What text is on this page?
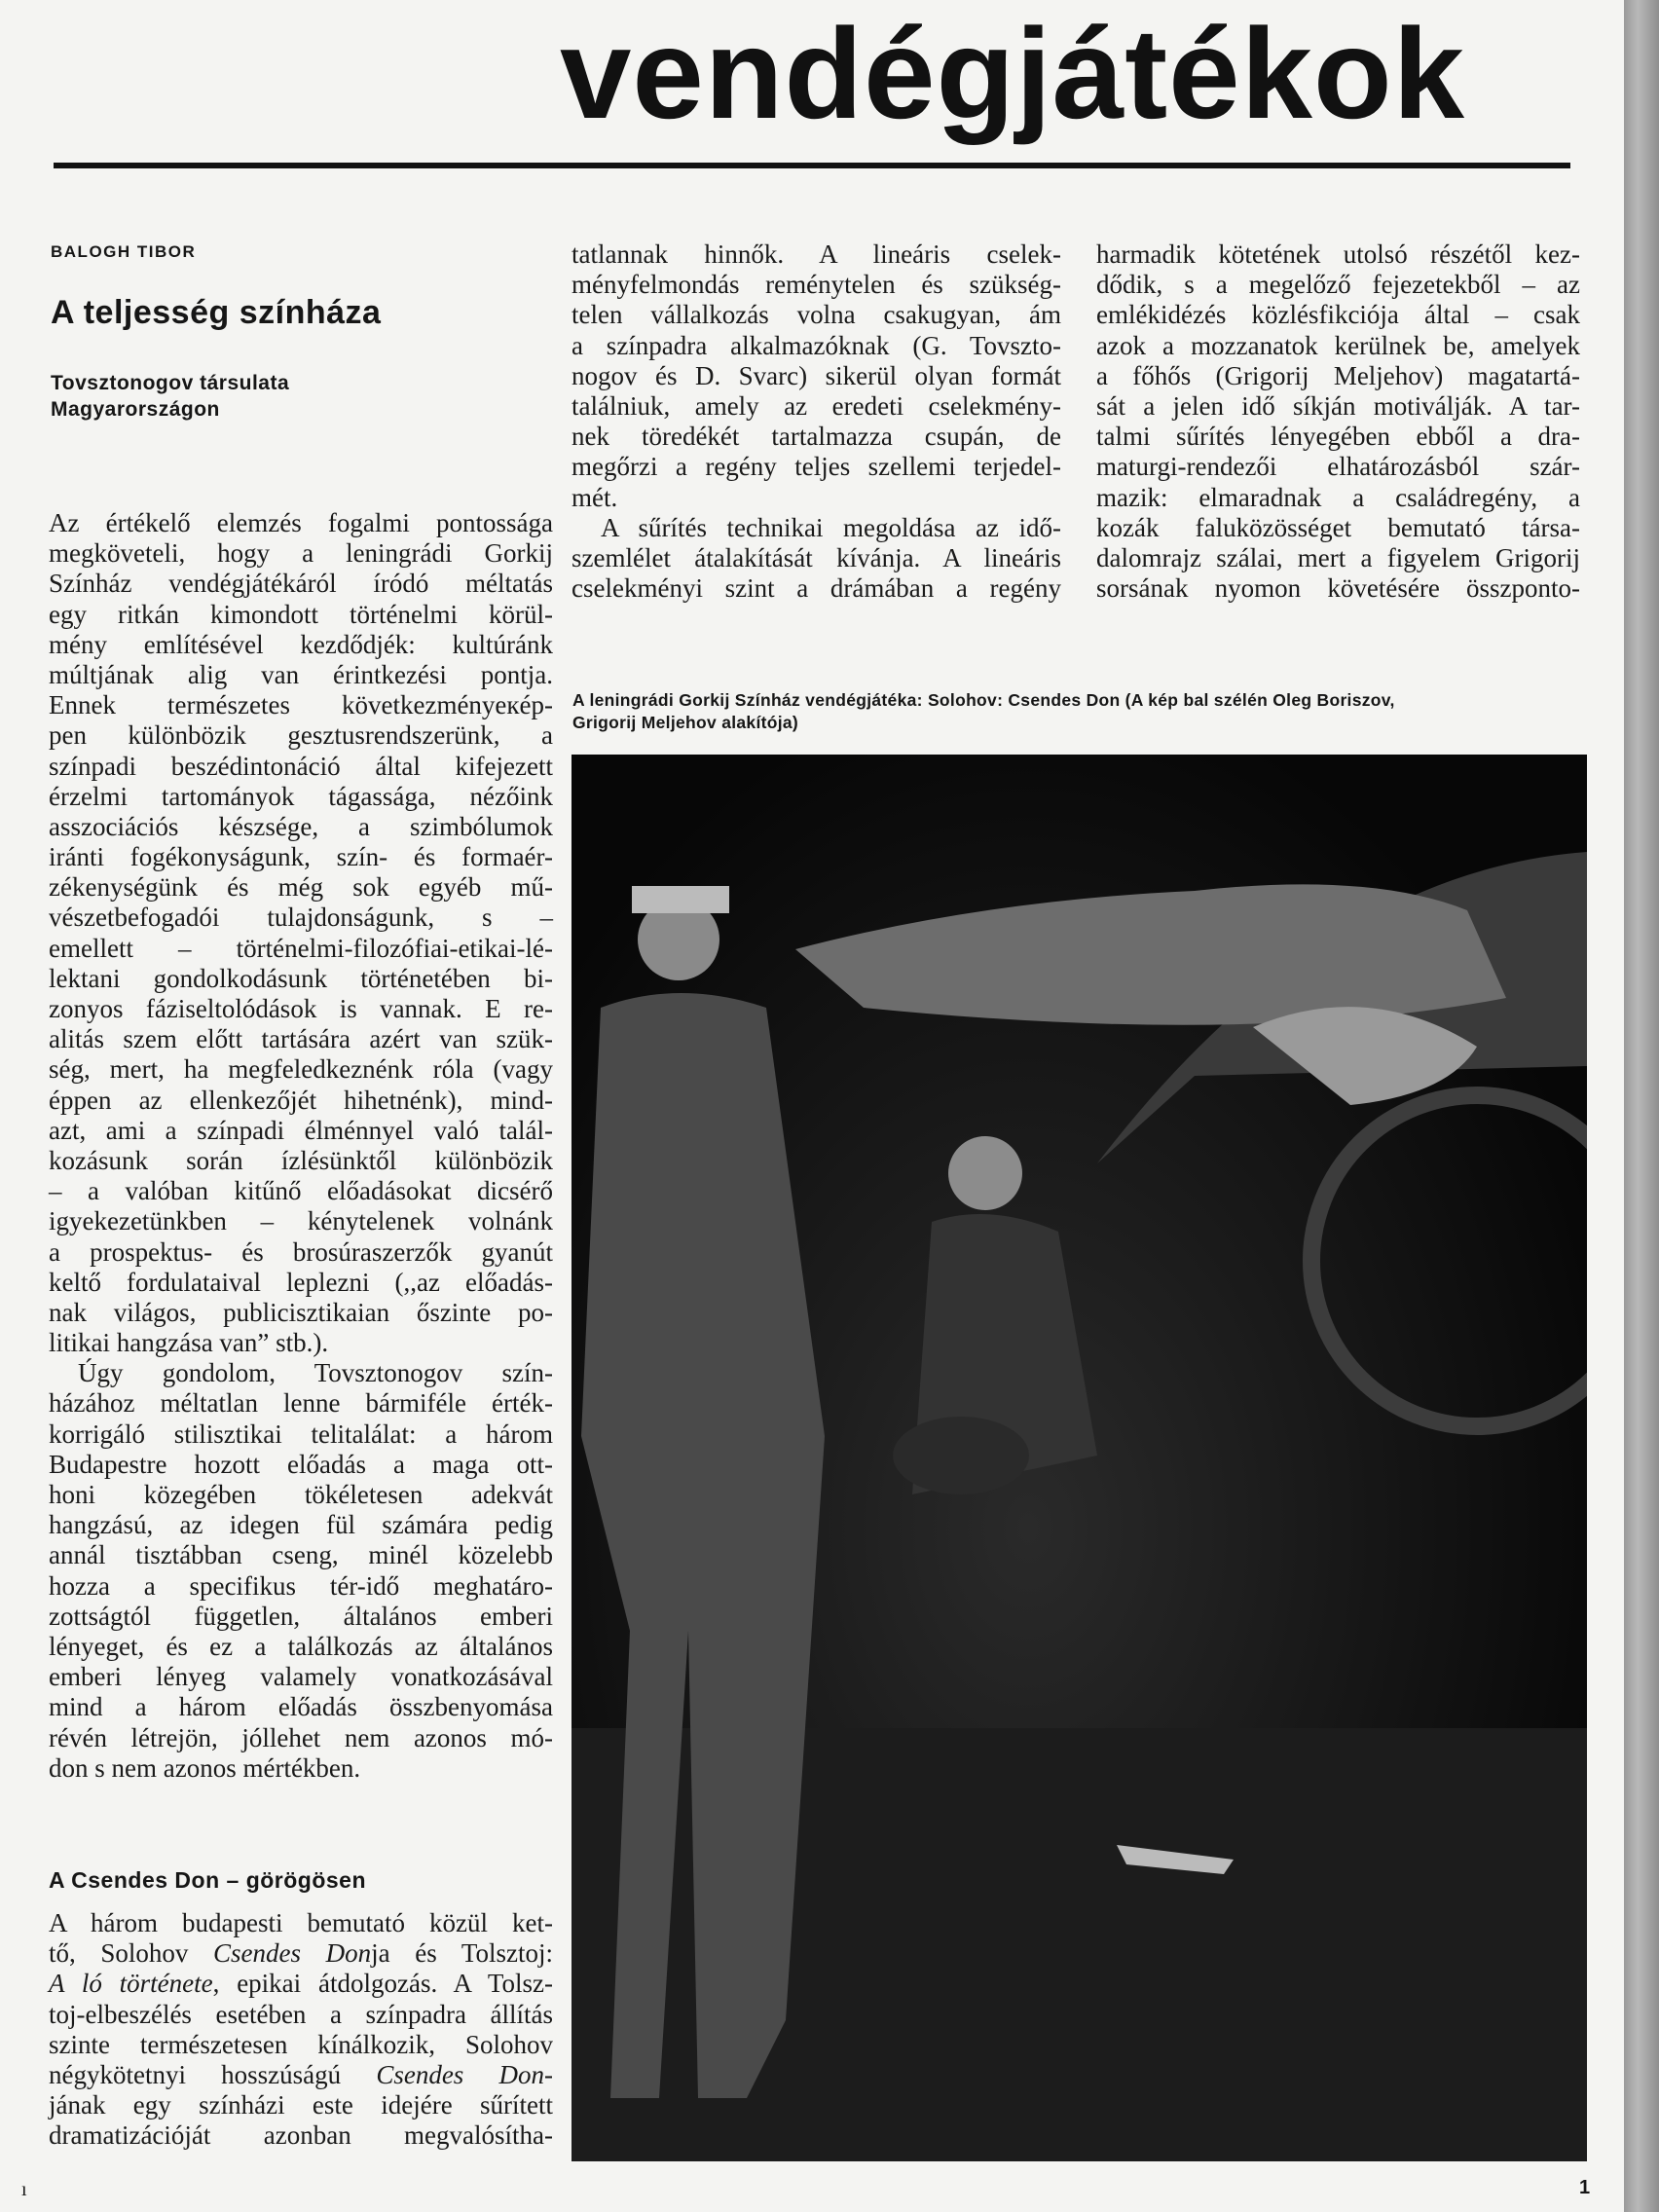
vendégjátékok
BALOGH TIBOR
A teljesség színháza
Tovsztonogov társulata
Magyarországon
Az értékelő elemzés fogalmi pontossága
megköveteli, hogy a leningrádi Gorkij
Színház vendégjátékáról íródó méltatás
egy ritkán kimondott történelmi körül-
mény említésével kezdődjék: kultúránk
múltjának alig van érintkezési pontja.
Ennek természetes következményeкép-
pen különbözik gesztusrendszerünk, a
színpadi beszédintonáció által kifejezett
érzelmi tartományok tágassága, nézőink
asszociációs készsége, a szimbólumok
iránti fogékonyságunk, szín- és formaér-
zékenységünk és még sok egyéb mű-
vészetbefogadói tulajdonságunk, s –
emellett – történelmi-filozófiai-etikai-lé-
lektani gondolkodásunk történetében bi-
zonyos fáziseltolódások is vannak. E re-
alitás szem előtt tartására azért van szük-
ség, mert, ha megfeledkeznénk róla (vagy
éppen az ellenkezőjét hihetnénk), mind-
azt, ami a színpadi élménnyel való talál-
kozásunk során ízlésünktől különbözik
– a valóban kitűnő előadásokat dicsérő
igyekezetünkben – kénytelenek volnánk
a prospektus- és brosúraszerzők gyanút
keltő fordulataival leplezni (,,az előadás-
nak világos, publicisztikaian őszinte po-
litikai hangzása van” stb.).
Úgy gondolom, Tovsztonogov szín-
házához méltatlan lenne bármiféle érték-
korrigáló stilisztikai telitalálat: a három
Budapestre hozott előadás a maga ott-
honi közegében tökéletesen adekvát
hangzású, az idegen fül számára pedig
annál tisztábban cseng, minél közelebb
hozza a specifikus tér-idő meghatáro-
zottságtól független, általános emberi
lényeget, és ez a találkozás az általános
emberi lényeg valamely vonatkozásával
mind a három előadás összbenyomása
révén létrejön, jóllehet nem azonos mó-
don s nem azonos mértékben.
A Csendes Don – görögösen
A három budapesti bemutató közül ket-
tő, Solohov Csendes Donja és Tolsztoj:
A ló története, epikai átdolgozás. A Tolsz-
toj-elbeszélés esetében a színpadra állítás
szinte természetesen kínálkozik, Solohov
négykötetnyi hosszúságú Csendes Don-
jának egy színházi este idejére sűrített
dramatizációját azonban megvalósítha-
tatlannak hinnők. A lineáris cselek-
ményfelmondás reménytelen és szükség-
telen vállalkozás volna csakugyan, ám
a színpadra alkalmazóknak (G. Tovszto-
nogov és D. Svarc) sikerül olyan formát
találniuk, amely az eredeti cselekmény-
nek töredékét tartalmazza csupán, de
megőrzi a regény teljes szellemi terjedel-
mét.
A sűrítés technikai megoldása az idő-
szemlélet átalakítását kívánja. A lineáris
cselekményi szint a drámában a regény
harmadik kötetének utolsó részétől kez-
dődik, s a megelőző fejezetekből – az
emlékidézés közlésfikciója által – csak
azok a mozzanatok kerülnek be, amelyek
a főhős (Grigorij Meljehov) magatartá-
sát a jelen idő síkján motiválják. A tar-
talmi sűrítés lényegében ebből a dra-
maturgi-rendezői elhatározásból szár-
mazik: elmaradnak a családregény, a
kozák faluközösséget bemutató társa-
dalomrajz szálai, mert a figyelem Grigorij
sorsának nyomon követésére összponto-
A leningrádi Gorkij Színház vendégjátéka: Solohov: Csendes Don (A kép bal szélén Oleg Boriszov,
Grigorij Meljehov alakítója)
ı	1
